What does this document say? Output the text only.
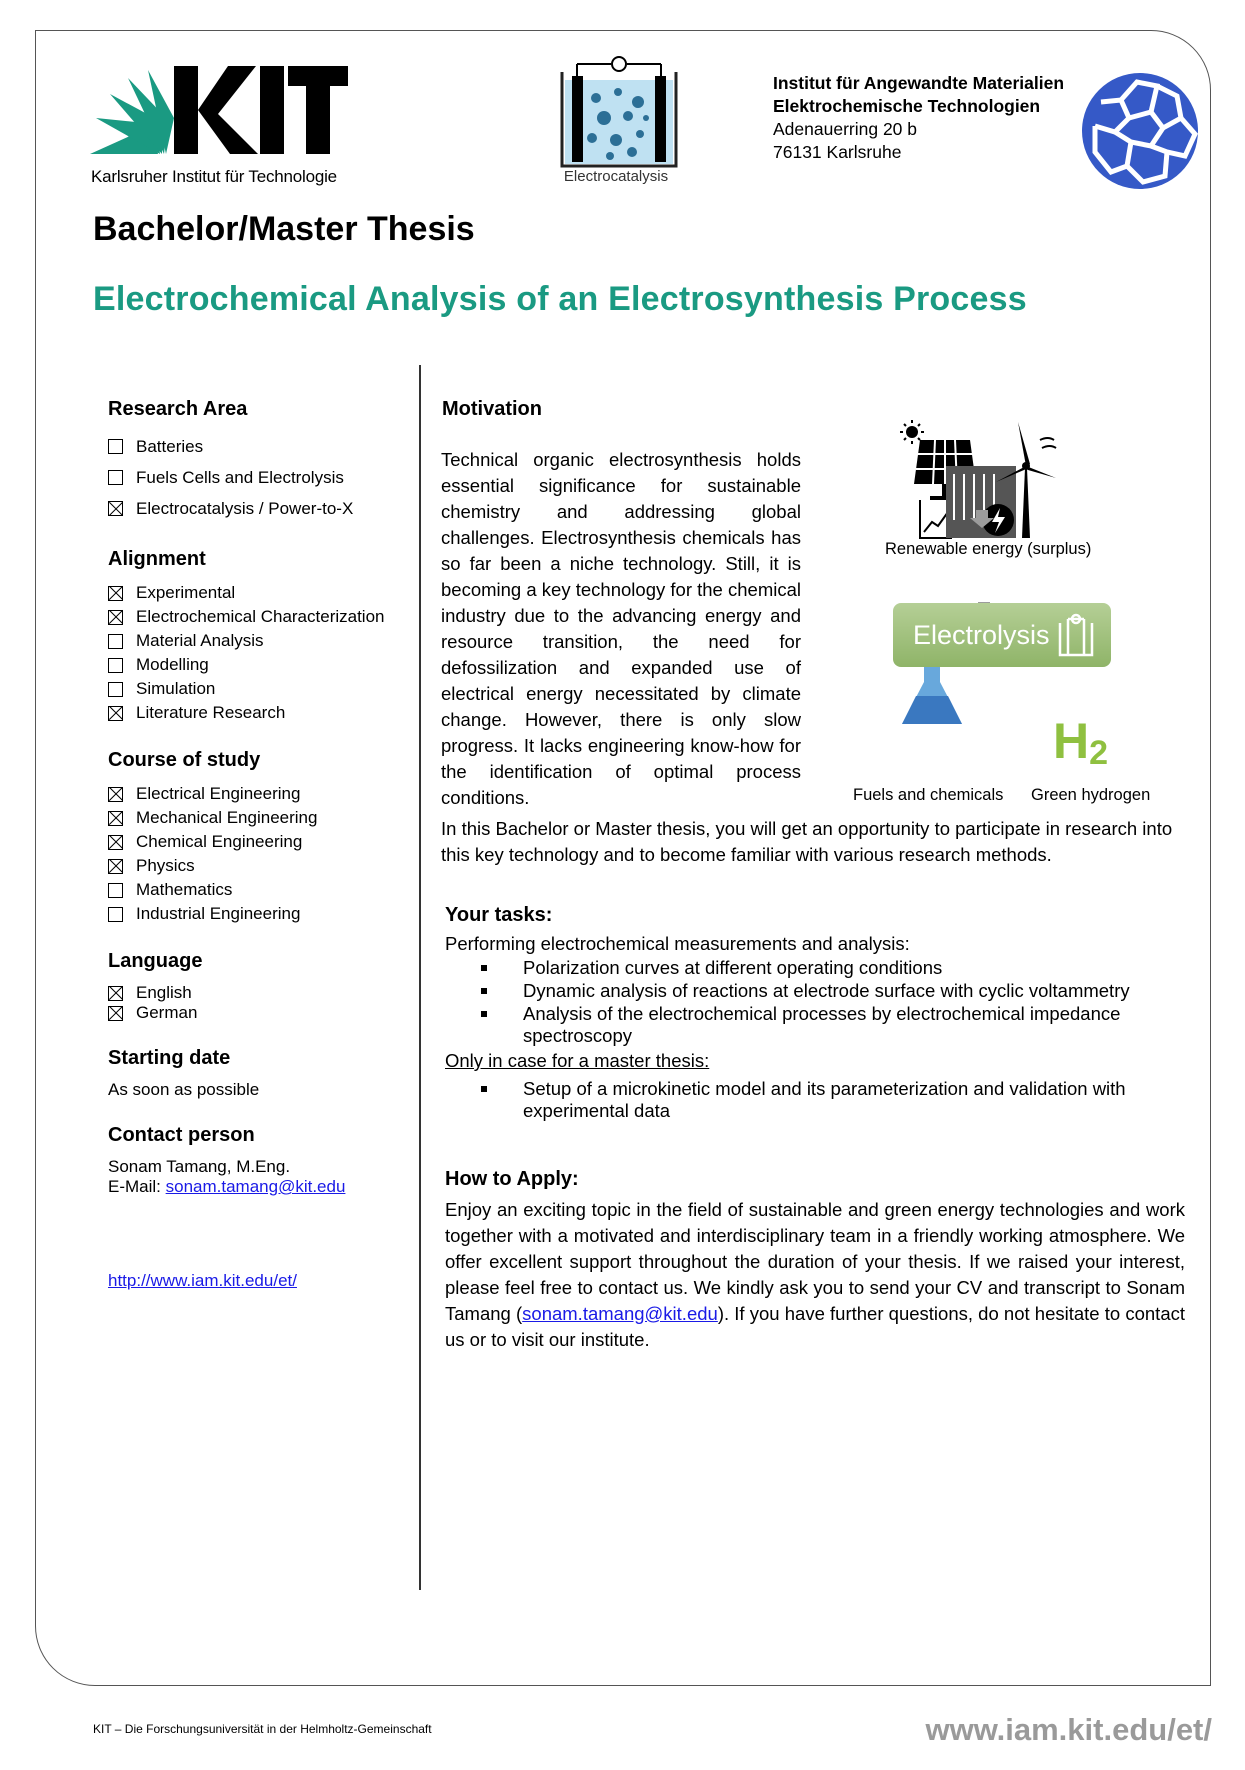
Karlsruher Institut für Technologie	Electrocatalysis
Institut für Angewandte Materialien
Elektrochemische Technologien
Adenauerring 20 b
76131 Karlsruhe
Bachelor/Master Thesis
Electrochemical Analysis of an Electrosynthesis Process
Research Area
Batteries
Fuels Cells and Electrolysis
Electrocatalysis / Power-to-X
Alignment
Experimental
Electrochemical Characterization
Material Analysis
Modelling
Simulation
Literature Research
Course of study
Electrical Engineering
Mechanical Engineering
Chemical Engineering
Physics
Mathematics
Industrial Engineering
Language
English
German
Starting date
As soon as possible
Contact person
Sonam Tamang, M.Eng.
E-Mail: sonam.tamang@kit.edu
http://www.iam.kit.edu/et/
Motivation
Technical organic electrosynthesis holds essential significance for sustainable chemistry and addressing global challenges. Electrosynthesis chemicals has so far been a niche technology. Still, it is becoming a key technology for the chemical industry due to the advancing energy and resource transition, the need for defossilization and expanded use of electrical energy necessitated by climate change. However, there is only slow progress. It lacks engineering know-how for the identification of optimal process conditions.
Renewable energy (surplus)
Electrolysis
$H_2$
Fuels and chemicals Green hydrogen
In this Bachelor or Master thesis, you will get an opportunity to participate in research into this key technology and to become familiar with various research methods.
Your tasks:

Performing electrochemical measurements and analysis:

Polarization curves at different operating conditions
Dynamic analysis of reactions at electrode surface with cyclic voltammetry
Analysis of the electrochemical processes by electrochemical impedance spectroscopy

Only in case for a master thesis:

Setup of a microkinetic model and its parameterization and validation with experimental data
How to Apply:

Enjoy an exciting topic in the field of sustainable and green energy technologies and work together with a motivated and interdisciplinary team in a friendly working atmosphere. We offer excellent support throughout the duration of your thesis. If we raised your interest, please feel free to contact us. We kindly ask you to send your CV and transcript to Sonam Tamang (sonam.tamang@kit.edu). If you have further questions, do not hesitate to contact us or to visit our institute.

KIT – Die Forschungsuniversität in der Helmholtz-Gemeinschaft	www.iam.kit.edu/et/
